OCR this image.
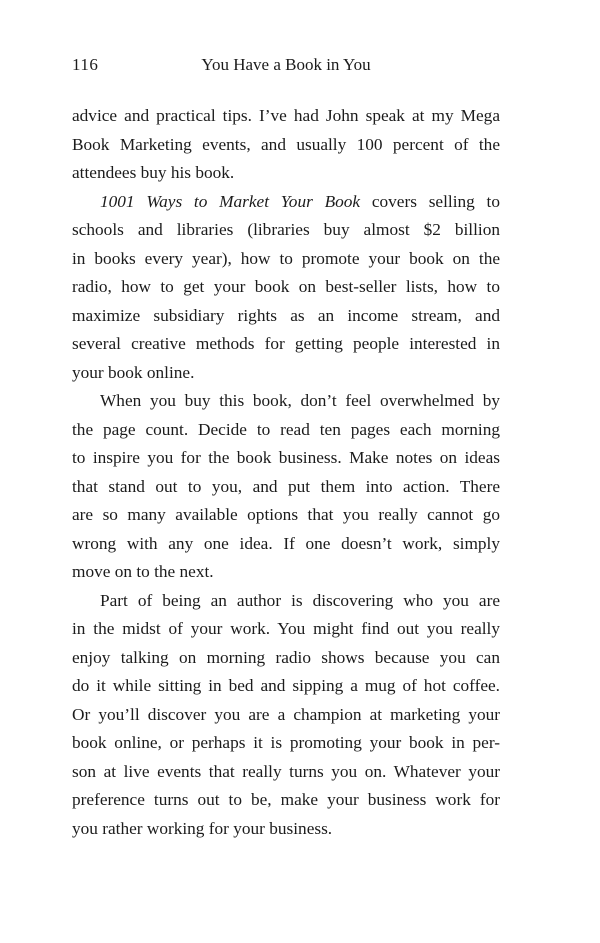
116	You Have a Book in You
advice and practical tips. I’ve had John speak at my Mega
Book Marketing events, and usually 100 percent of the
attendees buy his book.
1001 Ways to Market Your Book covers selling to
schools and libraries (libraries buy almost $2 billion
in books every year), how to promote your book on the
radio, how to get your book on best-seller lists, how to
maximize subsidiary rights as an income stream, and
several creative methods for getting people interested in
your book online.
When you buy this book, don’t feel overwhelmed by
the page count. Decide to read ten pages each morning
to inspire you for the book business. Make notes on ideas
that stand out to you, and put them into action. There
are so many available options that you really cannot go
wrong with any one idea. If one doesn’t work, simply
move on to the next.
Part of being an author is discovering who you are
in the midst of your work. You might find out you really
enjoy talking on morning radio shows because you can
do it while sitting in bed and sipping a mug of hot coffee.
Or you’ll discover you are a champion at marketing your
book online, or perhaps it is promoting your book in per-
son at live events that really turns you on. Whatever your
preference turns out to be, make your business work for
you rather working for your business.
